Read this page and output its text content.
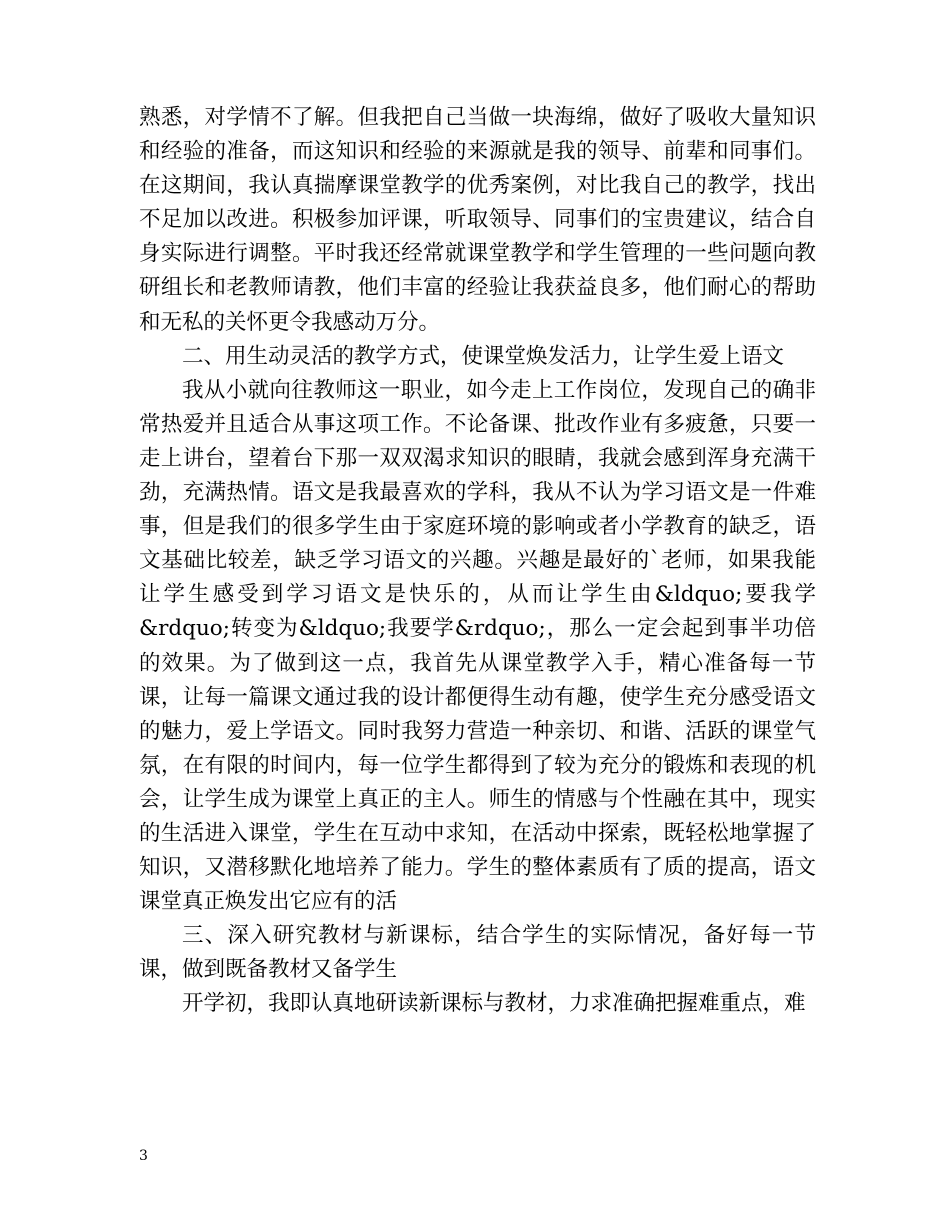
熟悉，对学情不了解。但我把自己当做一块海绵，做好了吸收大量知识和经验的准备，而这知识和经验的来源就是我的领导、前辈和同事们。在这期间，我认真揣摩课堂教学的优秀案例，对比我自己的教学，找出不足加以改进。积极参加评课，听取领导、同事们的宝贵建议，结合自身实际进行调整。平时我还经常就课堂教学和学生管理的一些问题向教研组长和老教师请教，他们丰富的经验让我获益良多，他们耐心的帮助和无私的关怀更令我感动万分。

二、用生动灵活的教学方式，使课堂焕发活力，让学生爱上语文

我从小就向往教师这一职业，如今走上工作岗位，发现自己的确非常热爱并且适合从事这项工作。不论备课、批改作业有多疲惫，只要一走上讲台，望着台下那一双双渴求知识的眼睛，我就会感到浑身充满干劲，充满热情。语文是我最喜欢的学科，我从不认为学习语文是一件难事，但是我们的很多学生由于家庭环境的影响或者小学教育的缺乏，语文基础比较差，缺乏学习语文的兴趣。兴趣是最好的`老师，如果我能让学生感受到学习语文是快乐的，从而让学生由&ldquo;要我学&rdquo;转变为&ldquo;我要学&rdquo;，那么一定会起到事半功倍的效果。为了做到这一点，我首先从课堂教学入手，精心准备每一节课，让每一篇课文通过我的设计都便得生动有趣，使学生充分感受语文的魅力，爱上学语文。同时我努力营造一种亲切、和谐、活跃的课堂气氛，在有限的时间内，每一位学生都得到了较为充分的锻炼和表现的机会，让学生成为课堂上真正的主人。师生的情感与个性融在其中，现实的生活进入课堂，学生在互动中求知，在活动中探索，既轻松地掌握了知识，又潜移默化地培养了能力。学生的整体素质有了质的提高，语文课堂真正焕发出它应有的活

三、深入研究教材与新课标，结合学生的实际情况，备好每一节课，做到既备教材又备学生

开学初，我即认真地研读新课标与教材，力求准确把握难重点，难

3
